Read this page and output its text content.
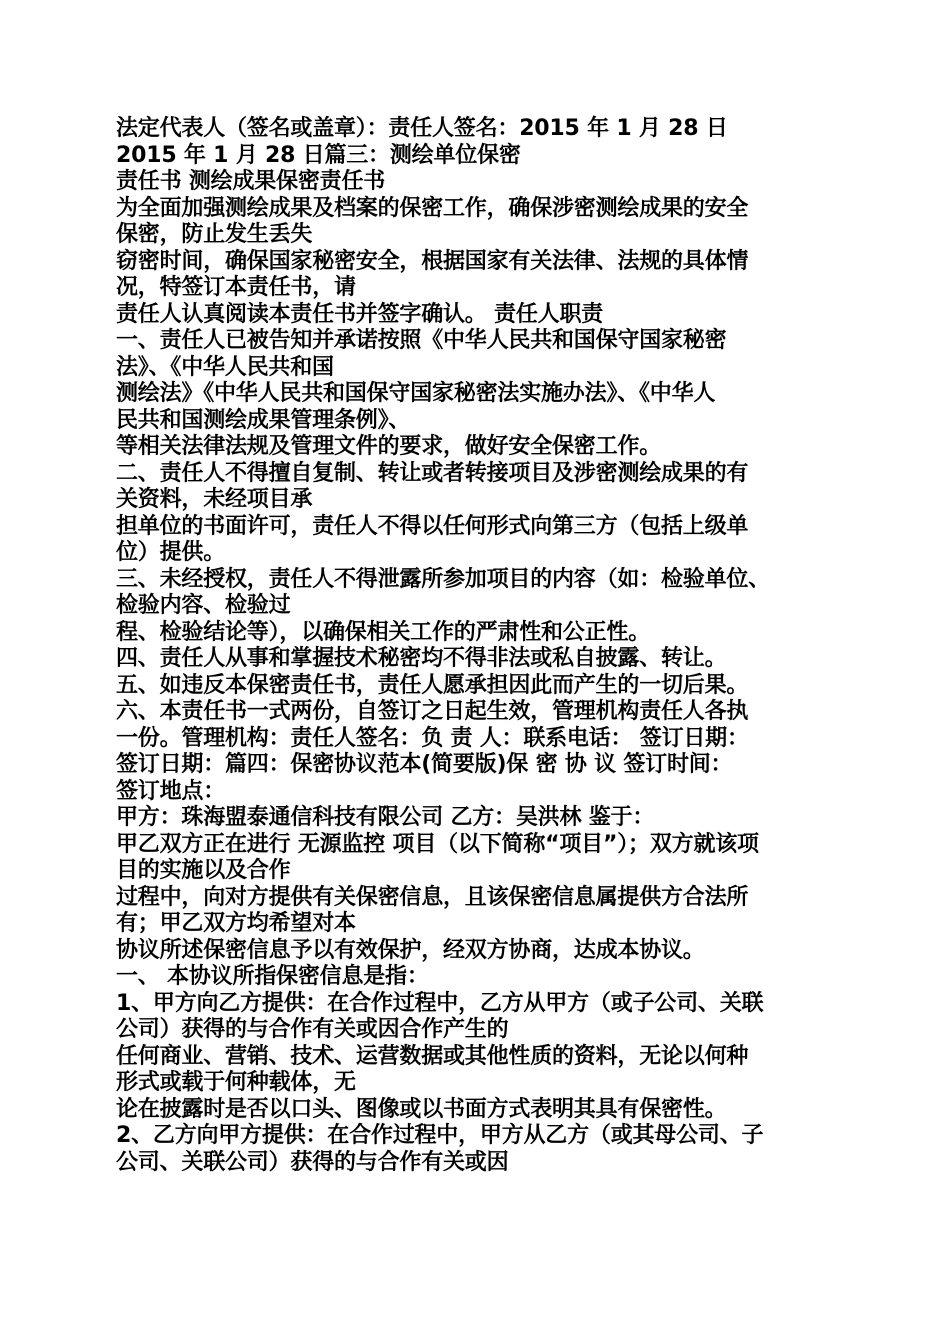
法定代表人（签名或盖章）：责任人签名：2015 年 1 月 28 日
2015 年 1 月 28 日篇三：测绘单位保密
责任书 测绘成果保密责任书
为全面加强测绘成果及档案的保密工作，确保涉密测绘成果的安全
保密，防止发生丢失
窃密时间，确保国家秘密安全，根据国家有关法律、法规的具体情
况，特签订本责任书，请
责任人认真阅读本责任书并签字确认。 责任人职责
一、责任人已被告知并承诺按照《中华人民共和国保守国家秘密
法》、《中华人民共和国
测绘法》《中华人民共和国保守国家秘密法实施办法》、《中华人
民共和国测绘成果管理条例》、
等相关法律法规及管理文件的要求，做好安全保密工作。
二、责任人不得擅自复制、转让或者转接项目及涉密测绘成果的有
关资料，未经项目承
担单位的书面许可，责任人不得以任何形式向第三方（包括上级单
位）提供。
三、未经授权，责任人不得泄露所参加项目的内容（如：检验单位、
检验内容、检验过
程、检验结论等），以确保相关工作的严肃性和公正性。
四、责任人从事和掌握技术秘密均不得非法或私自披露、转让。
五、如违反本保密责任书，责任人愿承担因此而产生的一切后果。
六、本责任书一式两份，自签订之日起生效，管理机构责任人各执
一份。管理机构：责任人签名：负 责 人：联系电话： 签订日期：
签订日期：篇四：保密协议范本(简要版)保 密 协 议 签订时间：
签订地点：
甲方：珠海盟泰通信科技有限公司 乙方：吴洪林 鉴于：
甲乙双方正在进行 无源监控 项目（以下简称“项目”）；双方就该项
目的实施以及合作
过程中，向对方提供有关保密信息，且该保密信息属提供方合法所
有；甲乙双方均希望对本
协议所述保密信息予以有效保护，经双方协商，达成本协议。
一、 本协议所指保密信息是指：
1、甲方向乙方提供：在合作过程中，乙方从甲方（或子公司、关联
公司）获得的与合作有关或因合作产生的
任何商业、营销、技术、运营数据或其他性质的资料，无论以何种
形式或载于何种载体，无
论在披露时是否以口头、图像或以书面方式表明其具有保密性。
2、乙方向甲方提供：在合作过程中，甲方从乙方（或其母公司、子
公司、关联公司）获得的与合作有关或因
